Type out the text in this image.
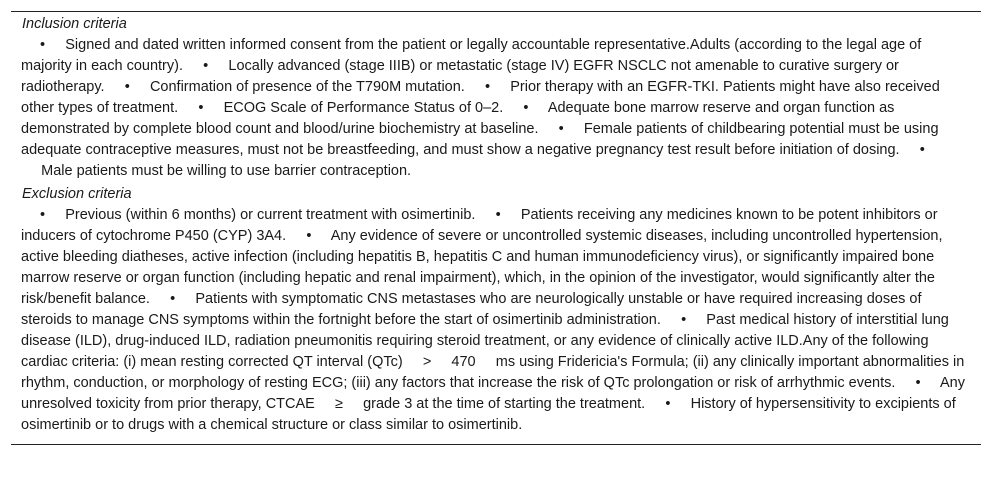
Inclusion criteria
• Signed and dated written informed consent from the patient or legally accountable representative.Adults (according to the legal age of majority in each country). • Locally advanced (stage IIIB) or metastatic (stage IV) EGFR NSCLC not amenable to curative surgery or radiotherapy. • Confirmation of presence of the T790M mutation. • Prior therapy with an EGFR-TKI. Patients might have also received other types of treatment. • ECOG Scale of Performance Status of 0–2. • Adequate bone marrow reserve and organ function as demonstrated by complete blood count and blood/urine biochemistry at baseline. • Female patients of childbearing potential must be using adequate contraceptive measures, must not be breastfeeding, and must show a negative pregnancy test result before initiation of dosing. •     Male patients must be willing to use barrier contraception.
Exclusion criteria
• Previous (within 6 months) or current treatment with osimertinib. • Patients receiving any medicines known to be potent inhibitors or inducers of cytochrome P450 (CYP) 3A4. • Any evidence of severe or uncontrolled systemic diseases, including uncontrolled hypertension, active bleeding diatheses, active infection (including hepatitis B, hepatitis C and human immunodeficiency virus), or significantly impaired bone marrow reserve or organ function (including hepatic and renal impairment), which, in the opinion of the investigator, would significantly alter the risk/benefit balance. • Patients with symptomatic CNS metastases who are neurologically unstable or have required increasing doses of steroids to manage CNS symptoms within the fortnight before the start of osimertinib administration. • Past medical history of interstitial lung disease (ILD), drug-induced ILD, radiation pneumonitis requiring steroid treatment, or any evidence of clinically active ILD.Any of the following cardiac criteria: (i) mean resting corrected QT interval (QTc)     >     470     ms using Fridericia's Formula; (ii) any clinically important abnormalities in rhythm, conduction, or morphology of resting ECG; (iii) any factors that increase the risk of QTc prolongation or risk of arrhythmic events. • Any unresolved toxicity from prior therapy, CTCAE     ≥     grade 3 at the time of starting the treatment. • History of hypersensitivity to excipients of osimertinib or to drugs with a chemical structure or class similar to osimertinib.
